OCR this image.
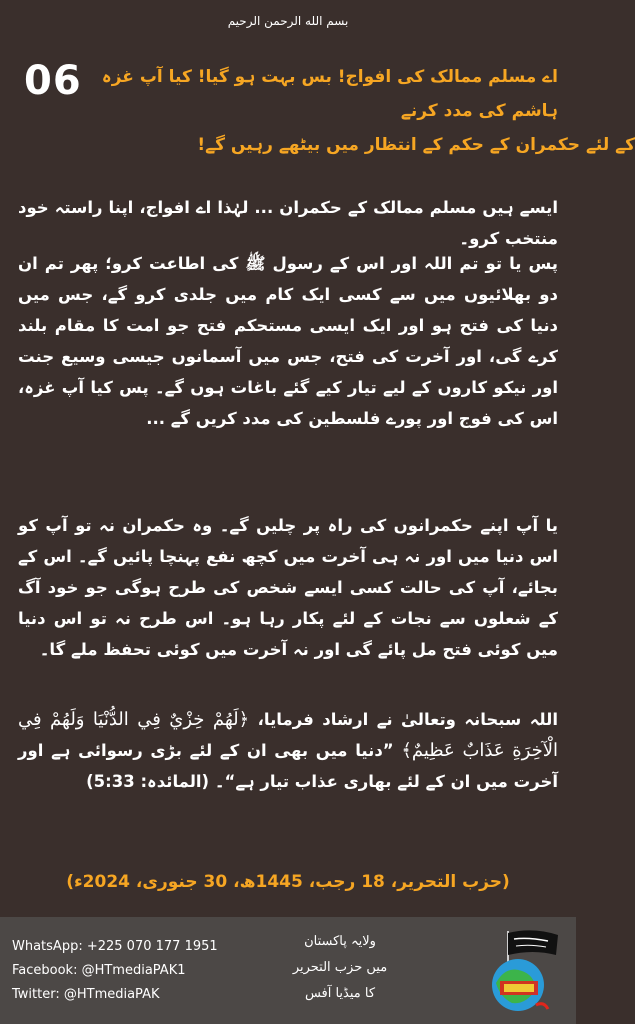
بسم الله الرحمن الرحیم
06	اے مسلم ممالک کی افواج! بس بہت ہو گیا! کیا آپ غزہ ہاشم کی مدد کرنے
کے لئے حکمران کے حکم کے انتظار میں بیٹھے رہیں گے!
ایسے ہیں مسلم ممالک کے حکمران ... لہٰذا اے افواج، اپنا راستہ خود منتخب کرو۔
پس یا تو تم اللہ اور اس کے رسول ﷺ کی اطاعت کرو؛ پھر تم ان دو بھلائیوں میں سے کسی ایک کام میں جلدی کرو گے، جس میں دنیا کی فتح ہو اور ایک ایسی مستحکم فتح جو امت کا مقام بلند کرے گی، اور آخرت کی فتح، جس میں آسمانوں جیسی وسیع جنت اور نیکو کاروں کے لیے تیار کیے گئے باغات ہوں گے۔ پس کیا آپ غزہ، اس کی فوج اور پورے فلسطین کی مدد کریں گے ...
یا آپ اپنے حکمرانوں کی راہ پر چلیں گے۔ وہ حکمران نہ تو آپ کو اس دنیا میں اور نہ ہی آخرت میں کچھ نفع پہنچا پائیں گے۔ اس کے بجائے، آپ کی حالت کسی ایسے شخص کی طرح ہوگی جو خود آگ کے شعلوں سے نجات کے لئے پکار رہا ہو۔ اس طرح نہ تو اس دنیا میں کوئی فتح مل پائے گی اور نہ آخرت میں کوئی تحفظ ملے گا۔
اللہ سبحانہ وتعالیٰ نے ارشاد فرمایا، ﴿لَهُمْ خِزْيٌ فِي الدُّنْيَا وَلَهُمْ فِي الْآخِرَةِ عَذَابٌ عَظِيمٌ﴾ ”دنیا میں بھی ان کے لئے بڑی رسوائی ہے اور آخرت میں ان کے لئے بھاری عذاب تیار ہے“۔ (المائدہ: 5:33)
(حزب التحریر، 18 رجب، 1445ھ، 30 جنوری، 2024ء)
WhatsApp: +225 070 177 1951
Facebook: @HTmediaPAK1
Twitter: @HTmediaPAK
ولایہ پاکستان
میں حزب التحریر
کا میڈیا آفس
